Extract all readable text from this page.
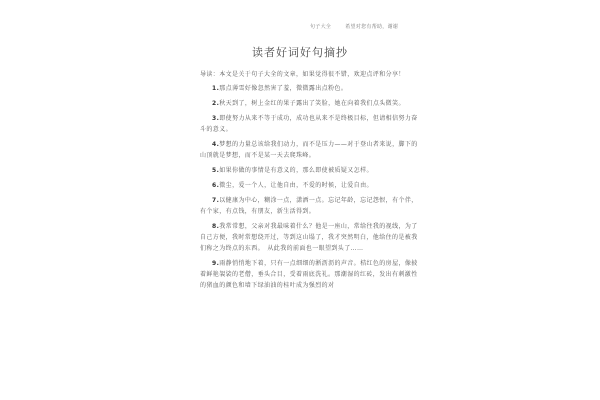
句子大全	希望对您有帮助，谢谢
读者好词好句摘抄

导读：本文是关于句子大全的文章，如果觉得很不错，欢迎点评和分享！

1.那点薄雪好像忽然害了羞，微微露出点粉色。

2.秋天到了，树上金红的果子露出了笑脸，她在向着我们点头微笑。

3.即使努力从来不等于成功，成功也从来不是终极目标，但请相信努力奋斗的意义。

4.梦想的力量总该给我们动力，而不是压力——对于登山者来说，脚下的山顶就是梦想，而不是某一天去爬珠峰。

5.如果你做的事情是有意义的，那么即使被质疑又怎样。

6.微尘，爱一个人，让他自由，不爱的时候，让爱自由。

7.以健康为中心，糊涂一点，潇洒一点。忘记年龄，忘记怨恨，有个伴，有个家，有点钱，有朋友，新生活得到。

8.我常常想，父亲对我最味着什么？他是一座山，常给往我的视线，为了自己方便，我时常想绕开过，等到这山塌了，我才突然明白，他给住的是被我们称之为终点的东西。　从此我的前面也一眼望到头了……

9.雨静悄悄地下着，只有一点细细的淅沥沥的声音。桔红色的房屋，像披着鲜艳袈裟的老僧，垂头合目，受着雨底洗礼。那潮湿的红砖，发出有刺激性的猪血的颜色和墙下绿油油的桂叶成为强烈的对
